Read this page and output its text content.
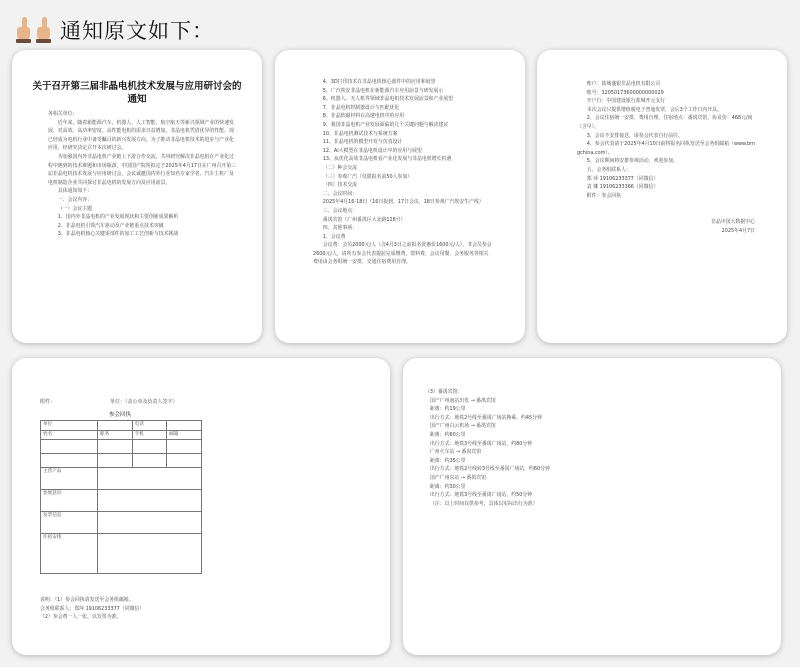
通知原文如下：
关于召开第三届非晶电机技术发展与应用研讨会的通知
各相关单位：
近年来，随着新能源汽车、机器人、人工智能、航空航天等新兴领域产业的快速发展，对高效、高功率密度、高性能电机的需求日益增加。非晶电机凭借优异的性能，现已经成为电机行业中备受瞩目的新兴发展方向。为了推动非晶电机技术的进步与产业化应用，经研究决定召开本次研讨会。
为加强国内外非晶电机产业链上下游合作交流，共同研究解决非晶电机在产业化过程中遇到的技术难题和市场瓶颈，中国国产院所拟定于2025年4月17日在广州召开第三届非晶电机技术发展与应用研讨会。会议诚邀国内外行业知名专家学者、汽车主机厂及电机制造企业共同探讨非晶电机的发展方向及应用前景。
具体通知如下：
一、会议内容：
（一）会议主题
1、国内外非晶电机的产业发展现状和主要创新成果解析
2、非晶电机引领汽车驱动及产业链重点技术突破
3、非晶电机核心关键零部件的加工工艺创新与技术挑战
4、3D打印技术在非晶电机核心部件中的应用和展望
5、广汽埃安非晶电机在新能源汽车应用前景与研发展示
6、机器人、无人机等领域非晶电机技术发展前景和产业展望
7、非晶电机控制器设计与匹配优化
8、非晶软磁材料在高速电机中的应用
9、我国非晶电机产业发展面临的几个关键问题与解决建议
10、非晶电机测试技术与系统方案
11、非晶电机的模型开发与仿真设计
12、AI大模型在非晶电机设计中的应用与展望
13、从优化高效非晶电机看产业化发展与非晶电机增长机遇
（二）种会交流
（三）参观广汽（仅限报名前50人参加）
（四）技术交流
二、会议时间：
2025年4月16-18日（16日报到，17日会议，18日参观广汽埃安生产线）
三、会议地点：
番禺宾馆（广州番禺区大北路128号）
四、其他事项：
1、会议费
会议费：会员2000元/人（含4月3日之前报名优惠价1600元/人），非会员参会2600元/人，请所有参会代表提前完成缴费，资料费、会议用餐、会务服务等相关费用由会务组统一安排，交通住宿费用自理。
账户：盐城盛银非晶电机有限公司
账号：32050173600000000029
开户行：中国建设银行盐城开元支行
本次会议只提供增值税电子普通发票，会后3个工作日内开具。
2、会议住宿统一安排，费用自理。住宿地点：番禺宾馆，协议价：468元/间（含早）。
3、会议不安排接送，请参会代表自行前往。
4、参会代表请于2025年4月10日前将报名回执发送至会务组邮箱（www.bmgchina.com）。
5、会议期间将安排参观活动，欢迎参加。
五、会务组联系人：
郑 萍 19106233377（同微信）
袁 娜 19106233366（同微信）
附件：参会回执
非晶中国大数据中心
2025年4月7日
附件：	单位：（盖公章及负责人签字）
参会回执
单位		电话	
姓名	职务	手机	邮箱

主营产品			
参展意向			
发票信息			
住宿安排			
说明：（1）参会回执请发送至会务组邮箱。
会务组联系人：郑萍 19106233377（同微信）
（2）参会费一人一张，以发票为准。
（3）番禺宾馆：
国产广州南站出发 → 番禺宾馆
距离：约19公里
出行方式：地铁2号线至番禺广场站换乘，约45分钟
国产广州白云机场 → 番禺宾馆
距离：约60公里
出行方式：地铁3号线至番禺广场站，约80分钟
广州火车站 → 番禺宾馆
距离：约35公里
出行方式：地铁2号线转3号线至番禺广场站，约60分钟
国产广州东站 → 番禺宾馆
距离：约30公里
出行方式：地铁3号线至番禺广场站，约50分钟
（注：以上时间仅供参考，具体以实际出行为准）
